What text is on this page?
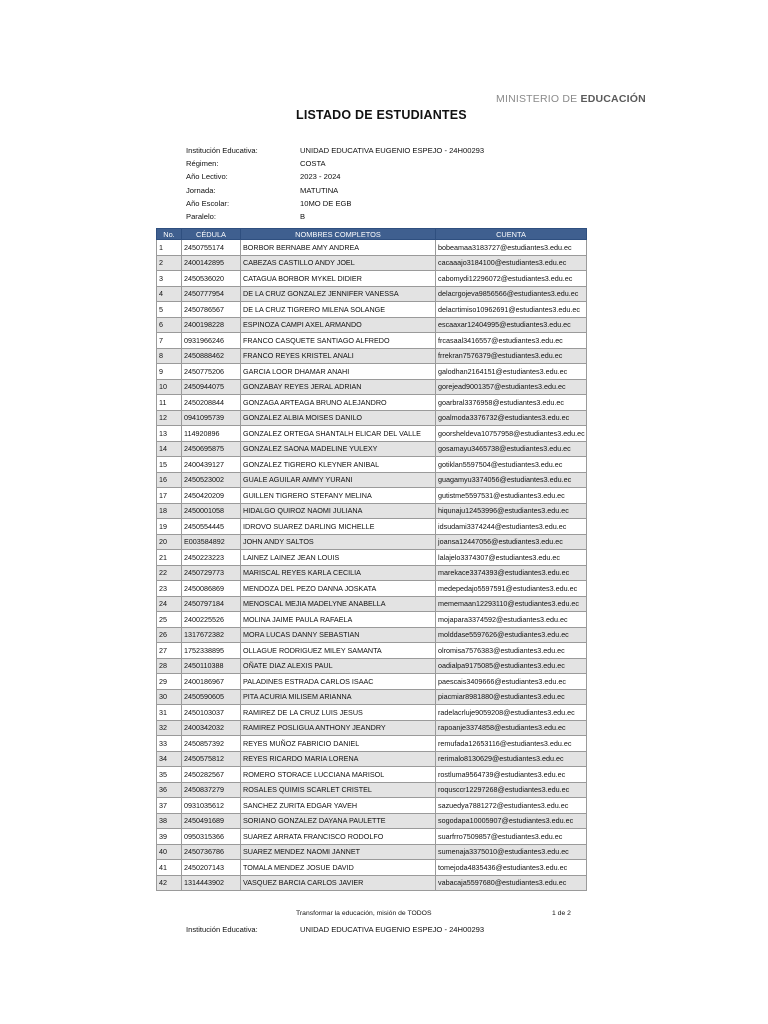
MINISTERIO DE EDUCACIÓN
LISTADO DE ESTUDIANTES
Institución Educativa:	UNIDAD EDUCATIVA EUGENIO ESPEJO - 24H00293
Régimen:	COSTA
Año Lectivo:	2023 - 2024
Jornada:	MATUTINA
Año Escolar:	10MO DE EGB
Paralelo:	B
No.	CÉDULA	NOMBRES COMPLETOS	CUENTA
1	2450755174	BORBOR BERNABE AMY ANDREA	bobeamaa3183727@estudiantes3.edu.ec
2	2400142895	CABEZAS CASTILLO ANDY JOEL	cacaaajo3184100@estudiantes3.edu.ec
3	2450536020	CATAGUA BORBOR MYKEL DIDIER	cabomydi12296072@estudiantes3.edu.ec
4	2450777954	DE LA CRUZ GONZALEZ JENNIFER VANESSA	delacrgojeva9856566@estudiantes3.edu.ec
5	2450786567	DE LA CRUZ TIGRERO MILENA SOLANGE	delacrtimiso10962691@estudiantes3.edu.ec
6	2400198228	ESPINOZA CAMPI AXEL ARMANDO	escaaxar12404995@estudiantes3.edu.ec
7	0931966246	FRANCO CASQUETE SANTIAGO ALFREDO	frcasaal3416557@estudiantes3.edu.ec
8	2450888462	FRANCO REYES KRISTEL ANALI	frrekran7576379@estudiantes3.edu.ec
9	2450775206	GARCIA LOOR DHAMAR ANAHI	galodhan2164151@estudiantes3.edu.ec
10	2450944075	GONZABAY REYES JERAL ADRIAN	gorejead9001357@estudiantes3.edu.ec
11	2450208844	GONZAGA ARTEAGA BRUNO ALEJANDRO	goarbral3376958@estudiantes3.edu.ec
12	0941095739	GONZALEZ ALBIA MOISES DANILO	goalmoda3376732@estudiantes3.edu.ec
13	114920896	GONZALEZ ORTEGA SHANTALH ELICAR DEL VALLE	goorsheldeva10757958@estudiantes3.edu.ec
14	2450695875	GONZALEZ SAONA MADELINE YULEXY	gosamayu3465738@estudiantes3.edu.ec
15	2400439127	GONZALEZ TIGRERO KLEYNER ANIBAL	gotiklan5597504@estudiantes3.edu.ec
16	2450523002	GUALE AGUILAR AMMY YURANI	guagamyu3374056@estudiantes3.edu.ec
17	2450420209	GUILLEN TIGRERO STEFANY MELINA	gutistme5597531@estudiantes3.edu.ec
18	2450001058	HIDALGO QUIROZ NAOMI JULIANA	hiqunaju12453996@estudiantes3.edu.ec
19	2450554445	IDROVO SUAREZ DARLING MICHELLE	idsudami3374244@estudiantes3.edu.ec
20	E003584892	JOHN ANDY SALTOS	joansa12447056@estudiantes3.edu.ec
21	2450223223	LAINEZ LAINEZ JEAN LOUIS	lalajelo3374307@estudiantes3.edu.ec
22	2450729773	MARISCAL REYES KARLA CECILIA	marekace3374393@estudiantes3.edu.ec
23	2450086869	MENDOZA DEL PEZO DANNA JOSKATA	medepedajo5597591@estudiantes3.edu.ec
24	2450797184	MENOSCAL MEJIA MADELYNE ANABELLA	mememaan12293110@estudiantes3.edu.ec
25	2400225526	MOLINA JAIME PAULA RAFAELA	mojapara3374592@estudiantes3.edu.ec
26	1317672382	MORA LUCAS DANNY SEBASTIAN	molddase5597626@estudiantes3.edu.ec
27	1752338895	OLLAGUE RODRIGUEZ MILEY SAMANTA	olromisa7576383@estudiantes3.edu.ec
28	2450110388	OÑATE DIAZ ALEXIS PAUL	oadialpa9175085@estudiantes3.edu.ec
29	2400186967	PALADINES ESTRADA CARLOS ISAAC	paescais3409666@estudiantes3.edu.ec
30	2450590605	PITA ACURIA MILISEM ARIANNA	piacmiar8981880@estudiantes3.edu.ec
31	2450103037	RAMIREZ DE LA CRUZ LUIS JESUS	radelacrluje9059208@estudiantes3.edu.ec
32	2400342032	RAMIREZ POSLIGUA ANTHONY JEANDRY	rapoanje3374858@estudiantes3.edu.ec
33	2450857392	REYES MUÑOZ FABRICIO DANIEL	remufada12653116@estudiantes3.edu.ec
34	2450575812	REYES RICARDO MARIA LORENA	rerimalo8130629@estudiantes3.edu.ec
35	2450282567	ROMERO STORACE LUCCIANA MARISOL	rostluma9564739@estudiantes3.edu.ec
36	2450837279	ROSALES QUIMIS SCARLET CRISTEL	roqusccr12297268@estudiantes3.edu.ec
37	0931035612	SANCHEZ ZURITA EDGAR YAVEH	sazuedya7881272@estudiantes3.edu.ec
38	2450491689	SORIANO GONZALEZ DAYANA PAULETTE	sogodapa10005907@estudiantes3.edu.ec
39	0950315366	SUAREZ ARRATA FRANCISCO RODOLFO	suarfrro7509857@estudiantes3.edu.ec
40	2450736786	SUAREZ MENDEZ NAOMI JANNET	sumenaja3375010@estudiantes3.edu.ec
41	2450207143	TOMALA MENDEZ JOSUE DAVID	tomejoda4835436@estudiantes3.edu.ec
42	1314443902	VASQUEZ BARCIA CARLOS JAVIER	vabacaja5597680@estudiantes3.edu.ec
Transformar la educación, misión de TODOS	1 de 2
Institución Educativa:	UNIDAD EDUCATIVA EUGENIO ESPEJO - 24H00293
